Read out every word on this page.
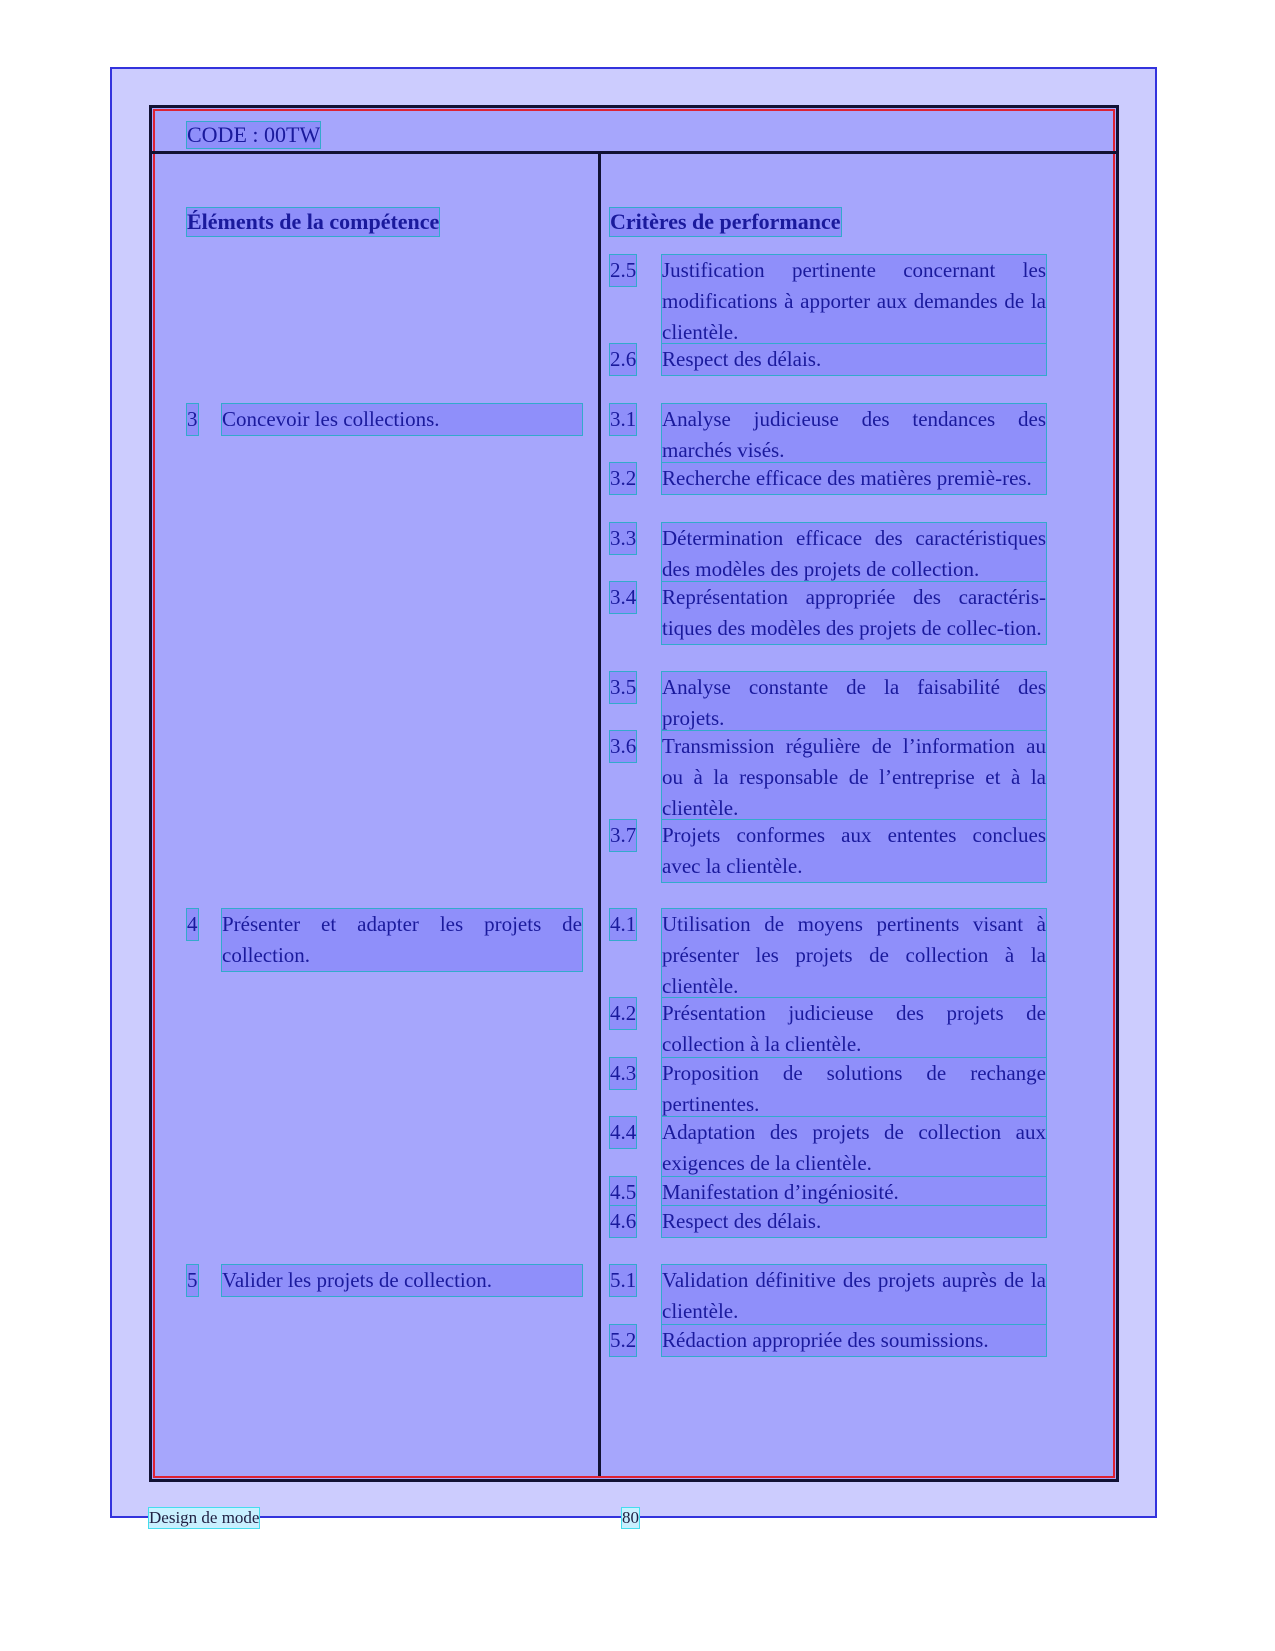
CODE : 00TW
Éléments de la compétence	Critères de performance
3 Concevoir les collections.
4 Présenter et adapter les projets de collection.
5 Valider les projets de collection.
2.5 Justification pertinente concernant les modifications à apporter aux demandes de la clientèle.
2.6 Respect des délais.
3.1 Analyse judicieuse des tendances des marchés visés.
3.2 Recherche efficace des matières premiè-res.
3.3 Détermination efficace des caractéristiques des modèles des projets de collection.
3.4 Représentation appropriée des caractéris-tiques des modèles des projets de collec-tion.
3.5 Analyse constante de la faisabilité des projets.
3.6 Transmission régulière de l’information au ou à la responsable de l’entreprise et à la clientèle.
3.7 Projets conformes aux ententes conclues avec la clientèle.
4.1 Utilisation de moyens pertinents visant à présenter les projets de collection à la clientèle.
4.2 Présentation judicieuse des projets de collection à la clientèle.
4.3 Proposition de solutions de rechange pertinentes.
4.4 Adaptation des projets de collection aux exigences de la clientèle.
4.5 Manifestation d’ingéniosité.
4.6 Respect des délais.
5.1 Validation définitive des projets auprès de la clientèle.
5.2 Rédaction appropriée des soumissions.
Design de mode	80
